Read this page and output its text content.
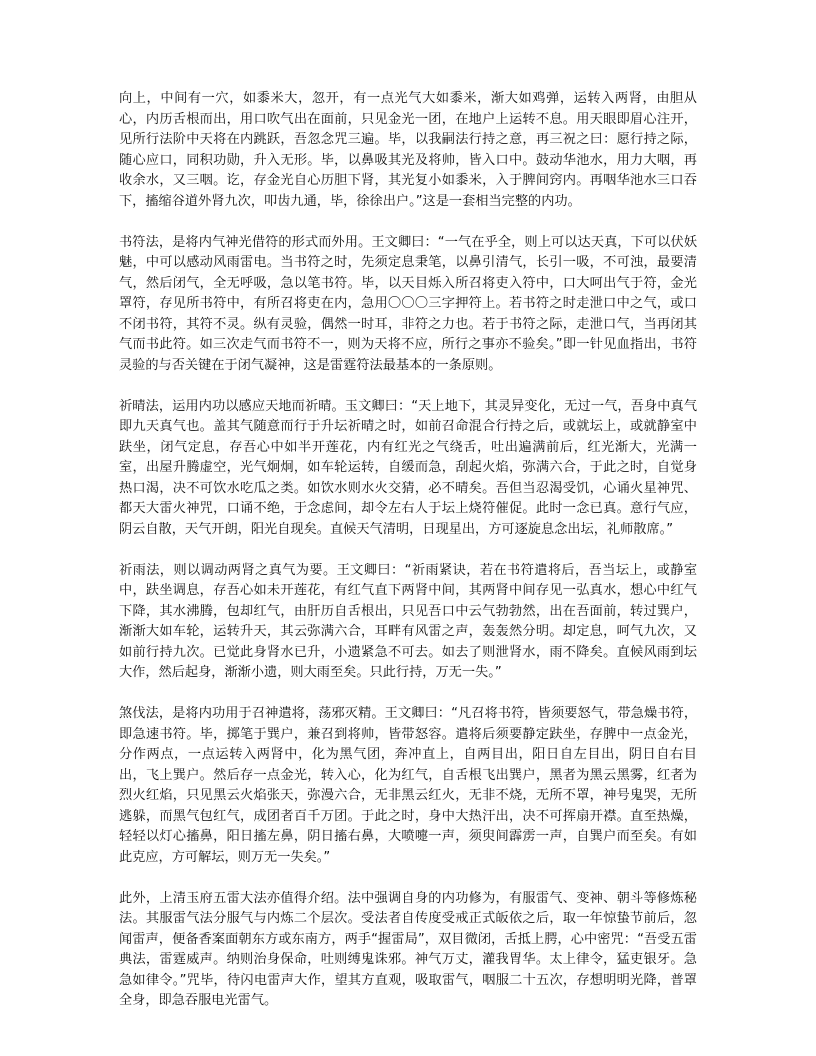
向上，中间有一穴，如黍米大，忽开，有一点光气大如黍米，渐大如鸡弹，运转入两肾，由胆从心，内历舌根而出，用口吹气出在面前，只见金光一团，在地户上运转不息。用天眼即眉心注开，见所行法阶中天将在内跳跃，吾忽念咒三遍。毕，以我嗣法行持之意，再三祝之曰：愿行持之际，随心应口，同积功勋，升入无形。毕，以鼻吸其光及将帅，皆入口中。鼓动华池水，用力大咽，再收余水，又三咽。讫，存金光自心历胆下肾，其光复小如黍米，入于脾间窍内。再咽华池水三口吞下，搐缩谷道外肾九次，叩齿九通，毕，徐徐出户。”这是一套相当完整的内功。

书符法，是将内气神光借符的形式而外用。王文卿曰：“一气在乎全，则上可以达天真，下可以伏妖魅，中可以感动风雨雷电。当书符之时，先须定息秉笔，以鼻引清气，长引一吸，不可浊，最要清气，然后闭气，全无呼吸，急以笔书符。毕，以天目烁入所召将吏入符中，口大呵出气于符，金光罩符，存见所书符中，有所召将吏在内，急用〇〇〇三字押符上。若书符之时走泄口中之气，或口不闭书符，其符不灵。纵有灵验，偶然一时耳，非符之力也。若于书符之际，走泄口气，当再闭其气而书此符。如三次走气而书符不一，则为天将不应，所行之事亦不验矣。”即一针见血指出，书符灵验的与否关键在于闭气凝神，这是雷霆符法最基本的一条原则。

祈晴法，运用内功以感应天地而祈晴。玉文卿曰：“天上地下，其灵异变化，无过一气，吾身中真气即九天真气也。盖其气随意而行于升坛祈晴之时，如前召命混合行持之后，或就坛上，或就静室中趺坐，闭气定息，存吾心中如半开莲花，内有红光之气绕舌，吐出遍满前后，红光渐大，光满一室，出屋升腾虚空，光气炯炯，如车轮运转，自缓而急，刮起火焰，弥满六合，于此之时，自觉身热口渴，决不可饮水吃瓜之类。如饮水则水火交猜，必不晴矣。吾但当忍渴受饥，心诵火星神咒、都天大雷火神咒，口诵不绝，于念虑间，却令左右人于坛上烧符催促。此时一念已真。意行气应，阴云自散，天气开朗，阳光自现矣。直候天气清明，日现星出，方可逐旋息念出坛，礼师散席。”

祈雨法，则以调动两肾之真气为要。王文卿曰：“祈雨紧诀，若在书符遣将后，吾当坛上，或静室中，趺坐调息，存吾心如未开莲花，有红气直下两肾中间，其两肾中间存见一弘真水，想心中红气下降，其水沸腾，包却红气，由肝历自舌根出，只见吾口中云气勃勃然，出在吾面前，转过巽户，渐渐大如车轮，运转升天，其云弥满六合，耳畔有风雷之声，轰轰然分明。却定息，呵气九次，又如前行持九次。已觉此身肾水已升，小遗紧急不可去。如去了则泄肾水，雨不降矣。直候风雨到坛大作，然后起身，渐渐小遗，则大雨至矣。只此行持，万无一失。”

煞伐法，是将内功用于召神遣将，荡邪灭精。王文卿曰：“凡召将书符，皆须要怒气，带急燥书符，即急速书符。毕，掷笔于巽户，兼召到将帅，皆带怒容。遣将后须要静定趺坐，存脾中一点金光，分作两点，一点运转入两肾中，化为黑气团，奔冲直上，自两目出，阳日自左目出，阴日自右目出，飞上巽户。然后存一点金光，转入心，化为红气，自舌根飞出巽户，黑者为黑云黑雾，红者为烈火红焰，只见黑云火焰张天，弥漫六合，无非黑云红火，无非不烧，无所不罩，神号鬼哭，无所逃躲，而黑气包红气，成团者百千万团。于此之时，身中大热汗出，决不可挥扇开襟。直至热燥，轻轻以灯心搐鼻，阳日搐左鼻，阴日搐右鼻，大喷嚏一声，须臾间霹雳一声，自巽户而至矣。有如此克应，方可解坛，则万无一失矣。”

此外，上清玉府五雷大法亦值得介绍。法中强调自身的内功修为，有服雷气、变神、朝斗等修炼秘法。其服雷气法分服气与内炼二个层次。受法者自传度受戒正式皈依之后，取一年惊蛰节前后，忽闻雷声，便备香案面朝东方或东南方，两手“握雷局”，双目微闭，舌抵上腭，心中密咒：“吾受五雷典法，雷霆威声。纳则治身保命，吐则缚鬼诛邪。神气万丈，灌我胃华。太上律令，猛吏银牙。急急如律令。”咒毕，待闪电雷声大作，望其方直观，吸取雷气，咽服二十五次，存想明明光降，普罩全身，即急吞服电光雷气。
